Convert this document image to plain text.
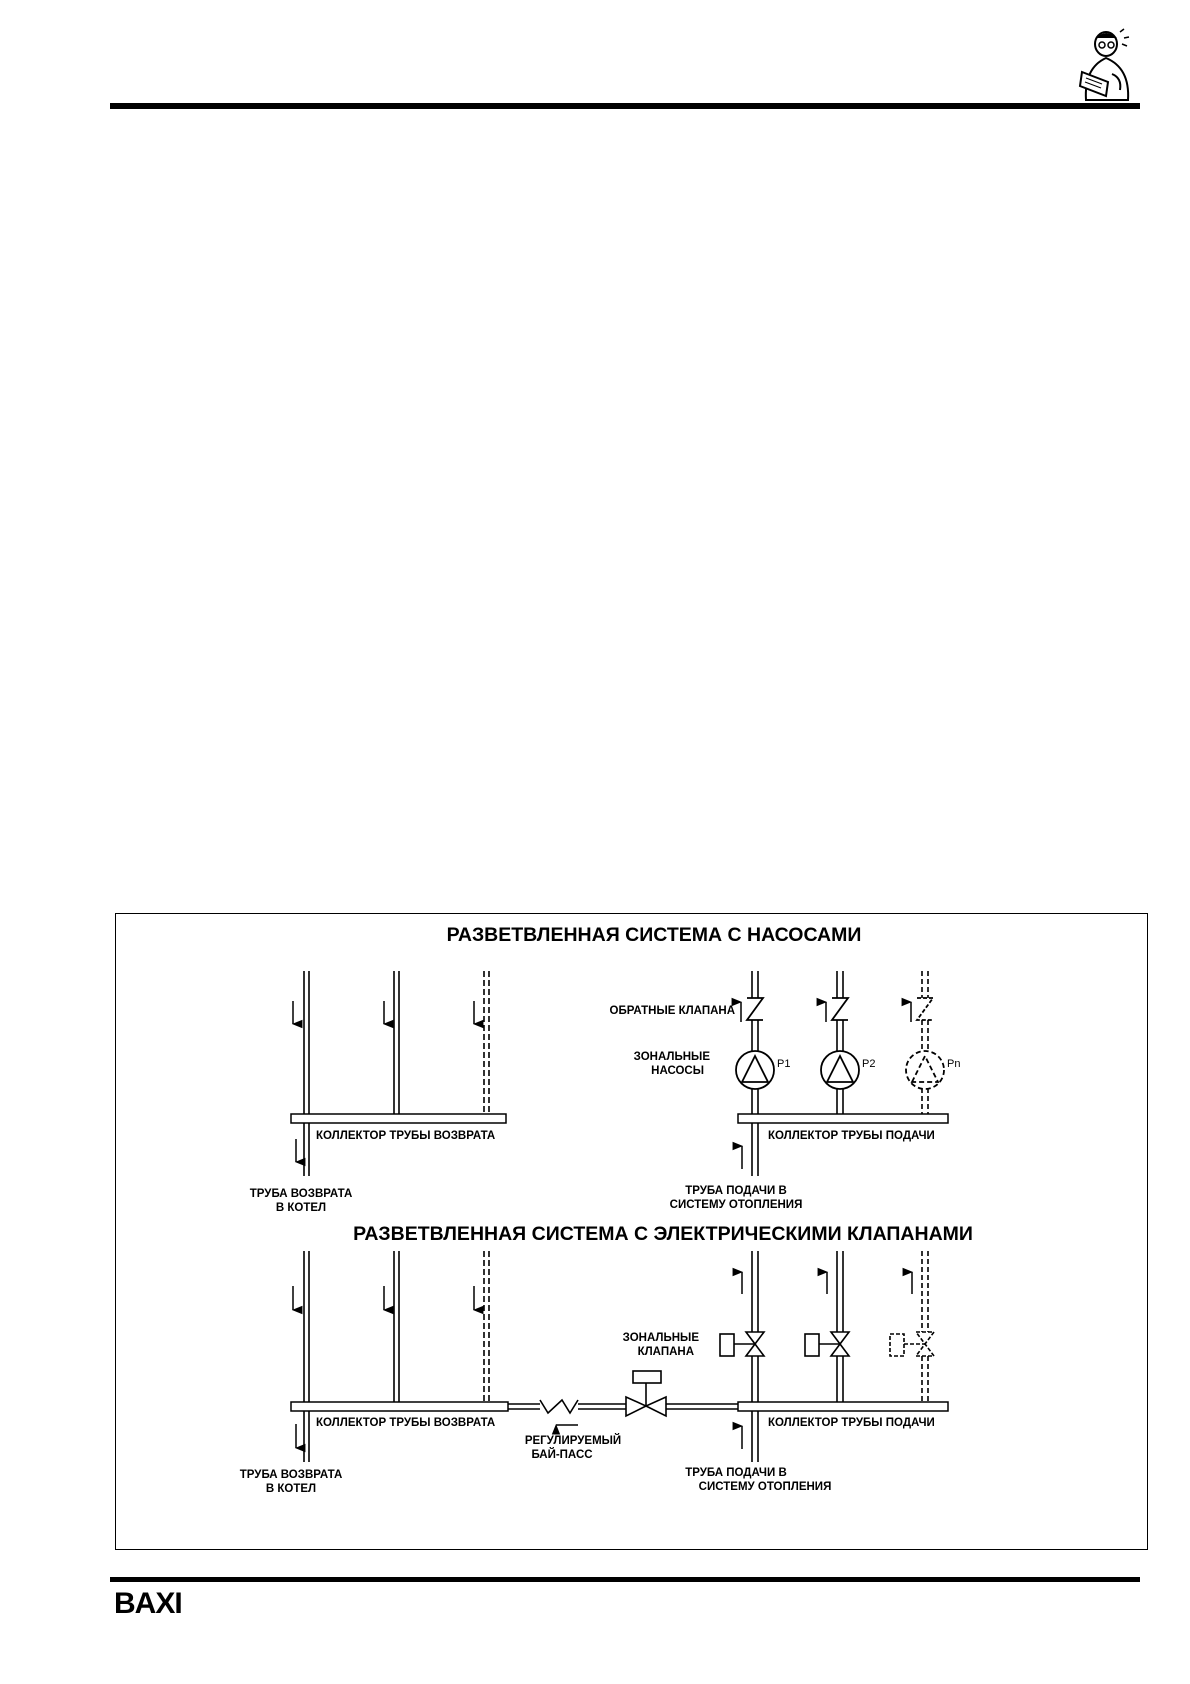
РАЗВЕТВЛЕННАЯ СИСТЕМА С НАСОСАМИ
КОЛЛЕКТОР ТРУБЫ ВОЗВРАТА
ТРУБА ВОЗВРАТА
В КОТЕЛ
ОБРАТНЫЕ КЛАПАНА
P1	P2	Pn
ЗОНАЛЬНЫЕ
НАСОСЫ
КОЛЛЕКТОР ТРУБЫ ПОДАЧИ
ТРУБА ПОДАЧИ В
СИСТЕМУ ОТОПЛЕНИЯ
РАЗВЕТВЛЕННАЯ СИСТЕМА С ЭЛЕКТРИЧЕСКИМИ КЛАПАНАМИ
КОЛЛЕКТОР ТРУБЫ ВОЗВРАТА
ТРУБА ВОЗВРАТА
В КОТЕЛ
РЕГУЛИРУЕМЫЙ
БАЙ-ПАСС
ЗОНАЛЬНЫЕ
КЛАПАНА
КОЛЛЕКТОР ТРУБЫ ПОДАЧИ
ТРУБА ПОДАЧИ В
СИСТЕМУ ОТОПЛЕНИЯ
BAXI
